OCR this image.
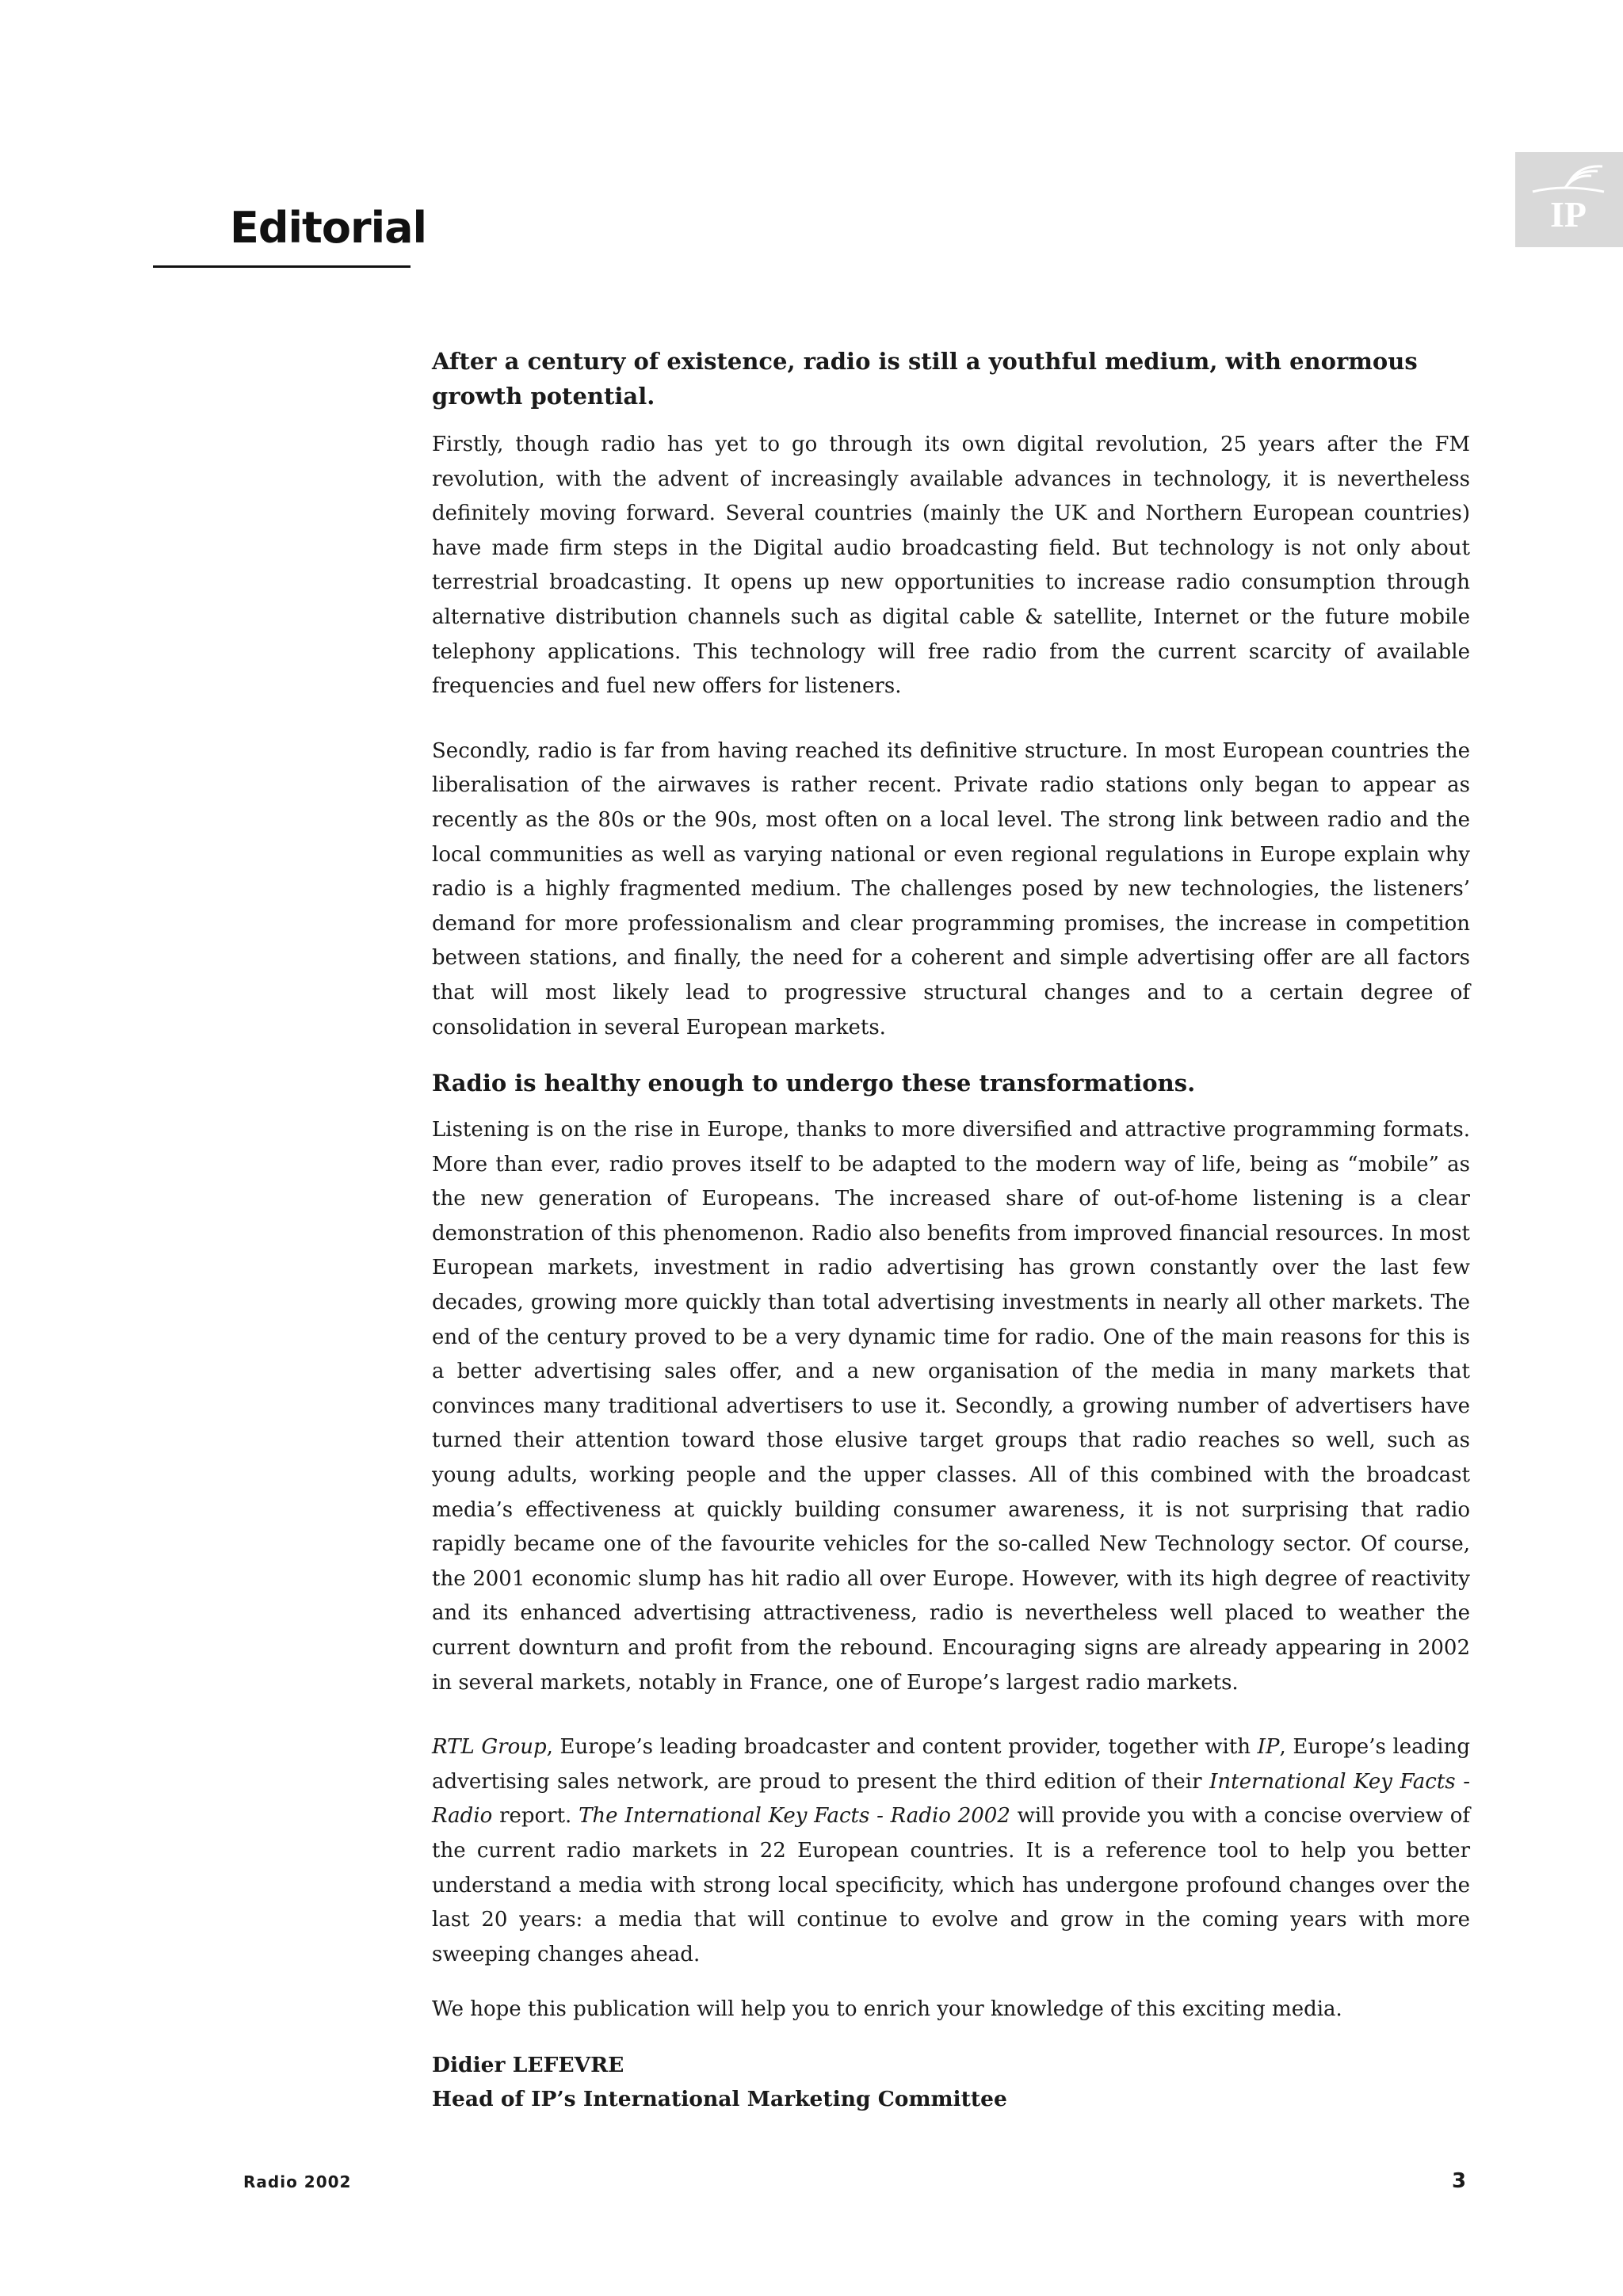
Editorial	IP

After a century of existence, radio is still a youthful medium, with enormous growth potential.

Firstly, though radio has yet to go through its own digital revolution, 25 years after the FM revolution, with the advent of increasingly available advances in technology, it is nevertheless definitely moving forward. Several countries (mainly the UK and Northern European countries) have made firm steps in the Digital audio broadcasting field. But technology is not only about terrestrial broadcasting. It opens up new opportunities to increase radio consumption through alternative distribution channels such as digital cable & satellite, Internet or the future mobile telephony applications. This technology will free radio from the current scarcity of available frequencies and fuel new offers for listeners.

Secondly, radio is far from having reached its definitive structure. In most European countries the liberalisation of the airwaves is rather recent. Private radio stations only began to appear as recently as the 80s or the 90s, most often on a local level. The strong link between radio and the local communities as well as varying national or even regional regulations in Europe explain why radio is a highly fragmented medium. The challenges posed by new technologies, the listeners’ demand for more professionalism and clear programming promises, the increase in competition between stations, and finally, the need for a coherent and simple advertising offer are all factors that will most likely lead to progressive structural changes and to a certain degree of consolidation in several European markets.

Radio is healthy enough to undergo these transformations.

Listening is on the rise in Europe, thanks to more diversified and attractive programming formats. More than ever, radio proves itself to be adapted to the modern way of life, being as “mobile” as the new generation of Europeans. The increased share of out-of-home listening is a clear demonstration of this phenomenon. Radio also benefits from improved financial resources. In most European markets, investment in radio advertising has grown constantly over the last few decades, growing more quickly than total advertising investments in nearly all other markets. The end of the century proved to be a very dynamic time for radio. One of the main reasons for this is a better advertising sales offer, and a new organisation of the media in many markets that convinces many traditional advertisers to use it. Secondly, a growing number of advertisers have turned their attention toward those elusive target groups that radio reaches so well, such as young adults, working people and the upper classes. All of this combined with the broadcast media’s effectiveness at quickly building consumer awareness, it is not surprising that radio rapidly became one of the favourite vehicles for the so-called New Technology sector. Of course, the 2001 economic slump has hit radio all over Europe. However, with its high degree of reactivity and its enhanced advertising attractiveness, radio is nevertheless well placed to weather the current downturn and profit from the rebound. Encouraging signs are already appearing in 2002 in several markets, notably in France, one of Europe’s largest radio markets.

RTL Group, Europe’s leading broadcaster and content provider, together with IP, Europe’s leading advertising sales network, are proud to present the third edition of their International Key Facts - Radio report. The International Key Facts - Radio 2002 will provide you with a concise overview of the current radio markets in 22 European countries. It is a reference tool to help you better understand a media with strong local specificity, which has undergone profound changes over the last 20 years: a media that will continue to evolve and grow in the coming years with more sweeping changes ahead.

We hope this publication will help you to enrich your knowledge of this exciting media.

Didier LEFEVRE

Head of IP’s International Marketing Committee

Radio 2002	3
